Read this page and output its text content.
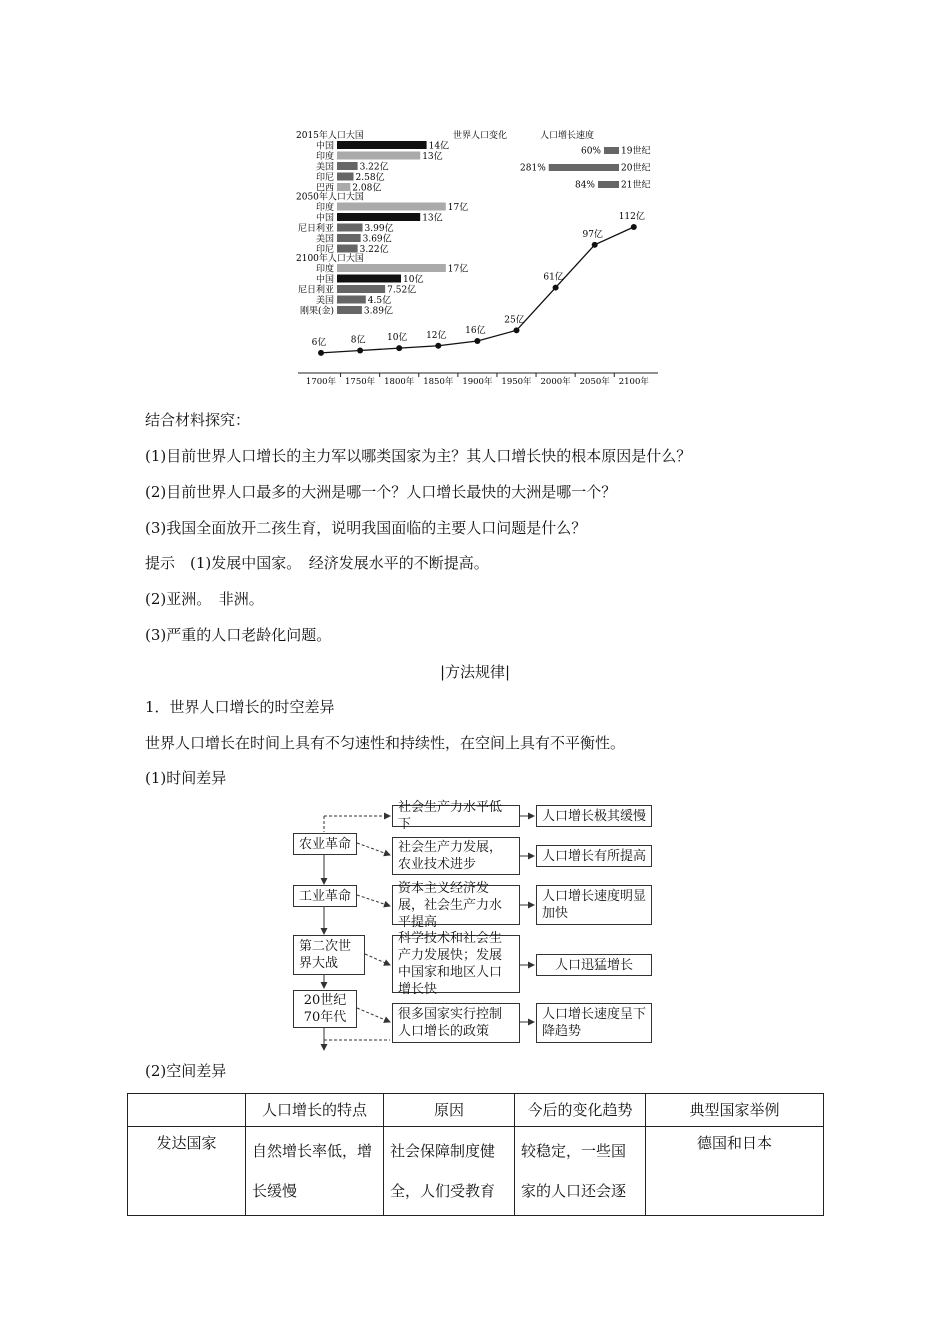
2015年人口大国
中国	14亿
印度	13亿
美国	3.22亿
印尼 2.58亿
巴西 2.08亿
2050年人口大国
印度	17亿
中国	13亿
尼日利亚	3.99亿
美国	3.69亿
印尼	3.22亿
2100年人口大国
印度	17亿
中国	10亿
尼日利亚	7.52亿
美国	4.5亿
刚果(金)	3.89亿
世界人口变化	人口增长速度
60% 19世纪
281%	20世纪
84%	21世纪
6亿	8亿 10亿 12亿 16亿
25亿
61亿
97亿
112亿
1700年 1750年 1800年 1850年 1900年 1950年 2000年 2050年 2100年
结合材料探究：
(1)目前世界人口增长的主力军以哪类国家为主？其人口增长快的根本原因是什么？
(2)目前世界人口最多的大洲是哪一个？人口增长最快的大洲是哪一个？
(3)我国全面放开二孩生育，说明我国面临的主要人口问题是什么？
提示　(1)发展中国家。　经济发展水平的不断提高。
(2)亚洲。　非洲。
(3)严重的人口老龄化问题。
|方法规律|
1．世界人口增长的时空差异
世界人口增长在时间上具有不匀速性和持续性，在空间上具有不平衡性。
(1)时间差异
农业革命
工业革命
第二次世界大战
20世纪70年代
社会生产力水平低下
社会生产力发展，农业技术进步
资本主义经济发展，社会生产力水平提高
科学技术和社会生产力发展快；发展中国家和地区人口增长快
很多国家实行控制人口增长的政策
人口增长极其缓慢
人口增长有所提高
人口增长速度明显加快
人口迅猛增长
人口增长速度呈下降趋势
(2)空间差异
	人口增长的特点	原因	今后的变化趋势	典型国家举例
发达国家	自然增长率低，增长缓慢	社会保障制度健全，人们受教育	较稳定，一些国家的人口还会逐	德国和日本
